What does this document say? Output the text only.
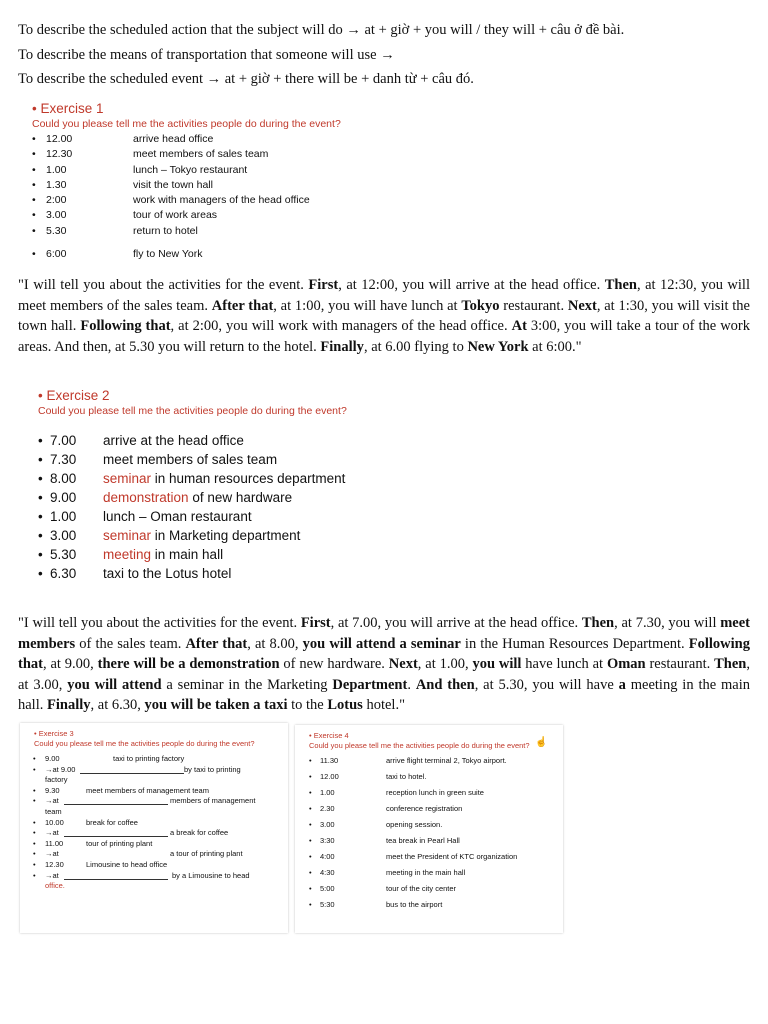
To describe the scheduled action that the subject will do → at + giờ + you will / they will + câu ở đề bài.
To describe the means of transportation that someone will use →
To describe the scheduled event → at + giờ + there will be + danh từ + câu đó.
• Exercise 1
Could you please tell me the activities people do during the event?
• 12.00	arrive head office
• 12.30	meet members of sales team
• 1.00	lunch – Tokyo restaurant
• 1.30	visit the town hall
• 2:00	work with managers of the head office
• 3.00	tour of work areas
• 5.30	return to hotel
• 6:00	fly to New York
"I will tell you about the activities for the event. First, at 12:00, you will arrive at the head office. Then, at 12:30, you will meet members of the sales team. After that, at 1:00, you will have lunch at Tokyo restaurant. Next, at 1:30, you will visit the town hall. Following that, at 2:00, you will work with managers of the head office. At 3:00, you will take a tour of the work areas. And then, at 5.30 you will return to the hotel. Finally, at 6.00 flying to New York at 6:00."
• Exercise 2
Could you please tell me the activities people do during the event?
• 7.00	arrive at the head office
• 7.30	meet members of sales team
• 8.00	seminar in human resources department
• 9.00	demonstration of new hardware
• 1.00	lunch – Oman restaurant
• 3.00	seminar in Marketing department
• 5.30	meeting in main hall
• 6.30	taxi to the Lotus hotel
"I will tell you about the activities for the event. First, at 7.00, you will arrive at the head office. Then, at 7.30, you will meet members of the sales team. After that, at 8.00, you will attend a seminar in the Human Resources Department. Following that, at 9.00, there will be a demonstration of new hardware. Next, at 1.00, you will have lunch at Oman restaurant. Then, at 3.00, you will attend a seminar in the Marketing Department. And then, at 5.30, you will have a meeting in the main hall. Finally, at 6.30, you will be taken a taxi to the Lotus hotel."
• Exercise 3
Could you please tell me the activities people do during the event?
• 9.00	taxi to printing factory
• →at 9.00	by taxi to printing
factory
• 9.30	meet members of management team
• →at	members of management
team
• 10.00	break for coffee
• →at	a break for coffee
• 11.00	tour of printing plant
• →at	a tour of printing plant
• 12.30	Limousine to head office
• →at	by a Limousine to head
office.
• Exercise 4
Could you please tell me the activities people do during the event? ☝
• 11.30	arrive flight terminal 2, Tokyo airport.
• 12.00	taxi to hotel.
• 1.00	reception lunch in green suite
• 2.30	conference registration
• 3.00	opening session.
• 3:30	tea break in Pearl Hall
• 4:00	meet the President of KTC organization
• 4:30	meeting in the main hall
• 5:00	tour of the city center
• 5:30	bus to the airport
